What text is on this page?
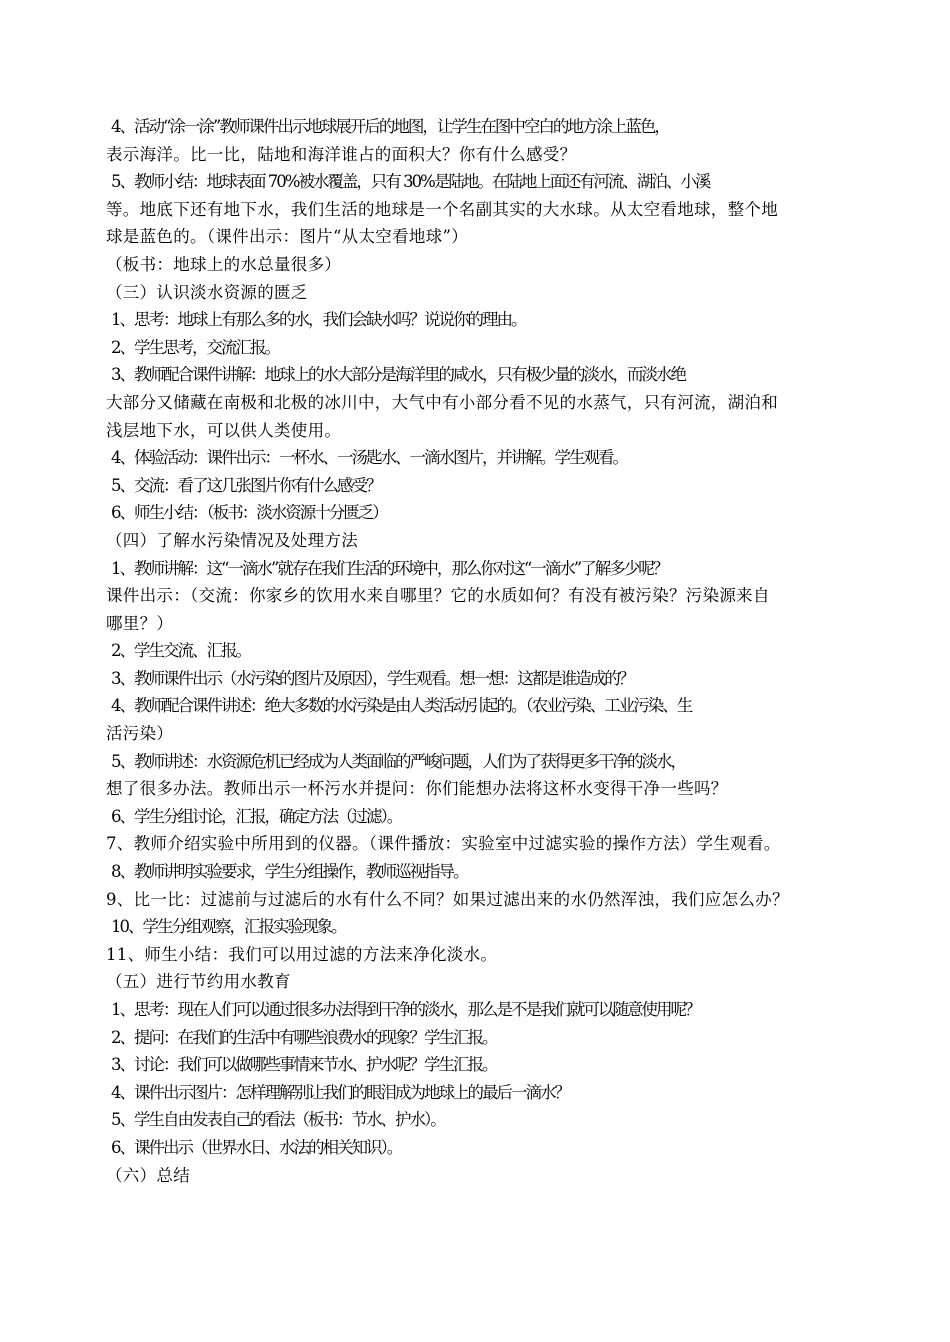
4、活动“涂一涂”教师课件出示地球展开后的地图，让学生在图中空白的地方涂上蓝色，
表示海洋。比一比，陆地和海洋谁占的面积大？你有什么感受？
5、教师小结：地球表面 70%被水覆盖，只有 30%是陆地。在陆地上面还有河流、湖泊、小溪
等。地底下还有地下水，我们生活的地球是一个名副其实的大水球。从太空看地球，整个地
球是蓝色的。（课件出示：图片“从太空看地球”）
（板书：地球上的水总量很多）
（三）认识淡水资源的匮乏
1、思考：地球上有那么多的水，我们会缺水吗？说说你的理由。
2、学生思考，交流汇报。
3、教师配合课件讲解：地球上的水大部分是海洋里的咸水，只有极少量的淡水，而淡水绝
大部分又储藏在南极和北极的冰川中，大气中有小部分看不见的水蒸气，只有河流，湖泊和
浅层地下水，可以供人类使用。
4、体验活动：课件出示：一杯水、一汤匙水、一滴水图片，并讲解。学生观看。
5、交流：看了这几张图片你有什么感受？
6、师生小结：（板书：淡水资源十分匮乏）
（四）了解水污染情况及处理方法
1、教师讲解：这“一滴水”就存在我们生活的环境中，那么你对这“一滴水”了解多少呢？
课件出示：（交流：你家乡的饮用水来自哪里？它的水质如何？有没有被污染？污染源来自
哪里？）
2、学生交流、汇报。
3、教师课件出示（水污染的图片及原因），学生观看。想一想：这都是谁造成的？
4、教师配合课件讲述：绝大多数的水污染是由人类活动引起的。（农业污染、工业污染、生
活污染）
5、教师讲述：水资源危机已经成为人类面临的严峻问题，人们为了获得更多干净的淡水，
想了很多办法。教师出示一杯污水并提问：你们能想办法将这杯水变得干净一些吗？
6、学生分组讨论，汇报，确定方法（过滤）。
7、教师介绍实验中所用到的仪器。（课件播放：实验室中过滤实验的操作方法）学生观看。
8、教师讲明实验要求，学生分组操作，教师巡视指导。
9、比一比：过滤前与过滤后的水有什么不同？如果过滤出来的水仍然浑浊，我们应怎么办？
10、学生分组观察，汇报实验现象。
11、师生小结：我们可以用过滤的方法来净化淡水。
（五）进行节约用水教育
1、思考：现在人们可以通过很多办法得到干净的淡水，那么是不是我们就可以随意使用呢？
2、提问：在我们的生活中有哪些浪费水的现象？学生汇报。
3、讨论：我们可以做哪些事情来节水、护水呢？学生汇报。
4、课件出示图片：怎样理解别让我们的眼泪成为地球上的最后一滴水？
5、学生自由发表自己的看法（板书：节水、护水）。
6、课件出示（世界水日、水法的相关知识）。
（六）总结
